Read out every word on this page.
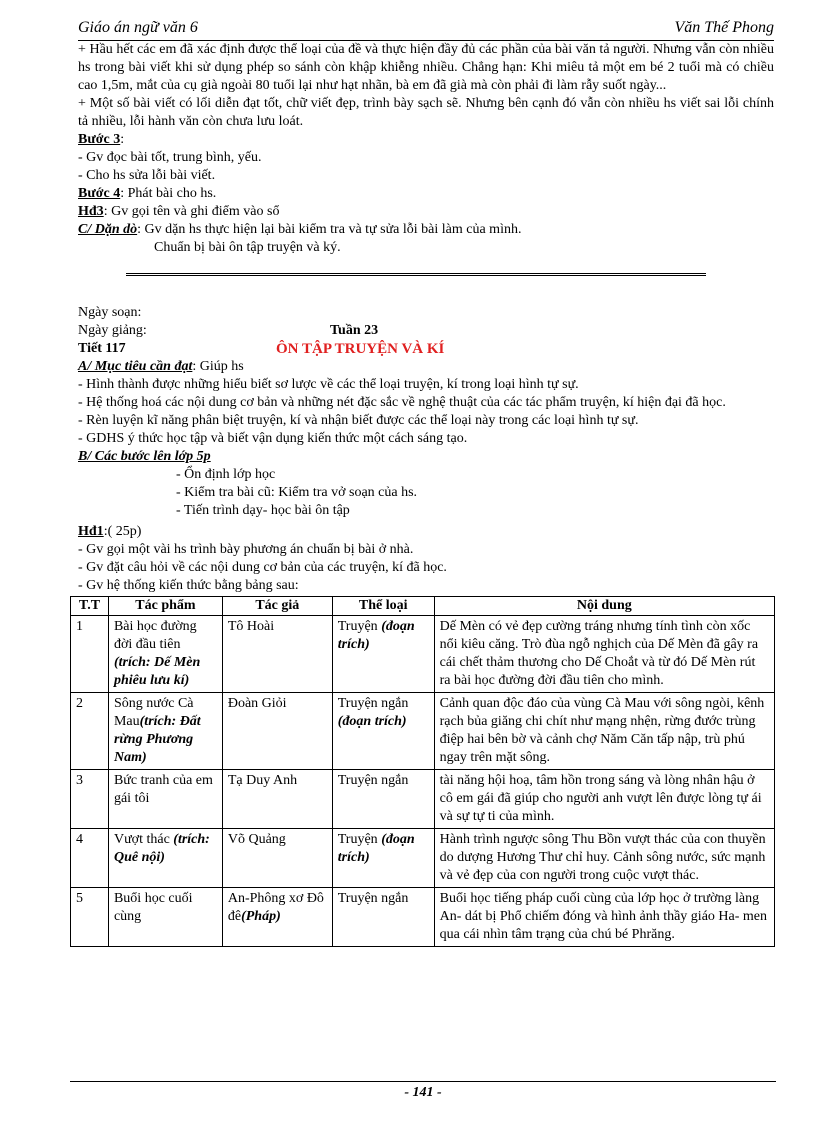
Giáo án ngữ văn 6	Văn Thế Phong

+ Hầu hết các em đã xác định được thể loại của đề và thực hiện đầy đủ các phần của bài văn tả người. Nhưng vẫn còn nhiều hs trong bài viết khi sử dụng phép so sánh còn khập khiễng nhiều. Chẳng hạn: Khi miêu tả một em bé 2 tuổi mà có chiều cao 1,5m, mắt của cụ già ngoài 80 tuổi lại như hạt nhãn, bà em đã già mà còn phải đi làm rẫy suốt ngày...

+ Một số bài viết có lối diễn đạt tốt, chữ viết đẹp, trình bày sạch sẽ. Nhưng bên cạnh đó vẫn còn nhiều hs viết sai lỗi chính tả nhiều, lỗi hành văn còn chưa lưu loát.

Bước 3:

- Gv đọc bài tốt, trung bình, yếu.

- Cho hs sửa lỗi bài viết.

Bước 4: Phát bài cho hs.

Hđ3: Gv gọi tên và ghi điểm vào sổ

C/ Dặn dò: Gv dặn hs thực hiện lại bài kiểm tra và tự sửa lỗi bài làm của mình.

Chuẩn bị bài ôn tập truyện và ký.

Ngày soạn:

Ngày giảng:	Tuần 23
Tiết 117	ÔN TẬP TRUYỆN VÀ KÍ

A/ Mục tiêu cần đạt: Giúp hs

- Hình thành được những hiểu biết sơ lược về các thể loại truyện, kí trong loại hình tự sự.

- Hệ thống hoá các nội dung cơ bản và những nét đặc sắc về nghệ thuật của các tác phẩm truyện, kí hiện đại đã học.

- Rèn luyện kĩ năng phân biệt truyện, kí và nhận biết được các thể loại này trong các loại hình tự sự.

- GDHS ý thức học tập và biết vận dụng kiến thức một cách sáng tạo.

B/ Các bước lên lớp 5p

- Ổn định lớp học

- Kiểm tra bài cũ: Kiểm tra vở soạn của hs.

- Tiến trình dạy- học bài ôn tập

Hđ1:( 25p)

- Gv gọi một vài hs trình bày phương án chuẩn bị bài ở nhà.

- Gv đặt câu hỏi về các nội dung cơ bản của các truyện, kí đã học.

- Gv hệ thống kiến thức bằng bảng sau:

T.T	Tác phẩm	Tác giả	Thể loại	Nội dung
1	Bài học đường đời đầu tiên (trích: Dế Mèn phiêu lưu kí)	Tô Hoài	Truyện (đoạn trích)	Dế Mèn có vẻ đẹp cường tráng nhưng tính tình còn xốc nổi kiêu căng. Trò đùa ngỗ nghịch của Dế Mèn đã gây ra cái chết thảm thương cho Dế Choắt và từ đó Dế Mèn rút ra bài học đường đời đầu tiên cho mình.
2	Sông nước Cà Mau(trích: Đất rừng Phương Nam)	Đoàn Giỏi	Truyện ngắn (đoạn trích)	Cảnh quan độc đáo của vùng Cà Mau với sông ngòi, kênh rạch bủa giăng chi chít như mạng nhện, rừng đước trùng điệp hai bên bờ và cảnh chợ Năm Căn tấp nập, trù phú ngay trên mặt sông.
3	Bức tranh của em gái tôi	Tạ Duy Anh	Truyện ngắn	tài năng hội hoạ, tâm hồn trong sáng và lòng nhân hậu ở cô em gái đã giúp cho người anh vượt lên được lòng tự ái và sự tự ti của mình.
4	Vượt thác (trích: Quê nội)	Võ Quảng	Truyện (đoạn trích)	Hành trình ngược sông Thu Bồn vượt thác của con thuyền do dượng Hương Thư chỉ huy. Cảnh sông nước, sức mạnh và vẻ đẹp của con người trong cuộc vượt thác.
5	Buổi học cuối cùng	An-Phông xơ Đô đê(Pháp)	Truyện ngắn	Buổi học tiếng pháp cuối cùng của lớp học ở trường làng An- dát bị Phổ chiếm đóng và hình ảnh thầy giáo Ha- men qua cái nhìn tâm trạng của chú bé Phrăng.
- 141 -
